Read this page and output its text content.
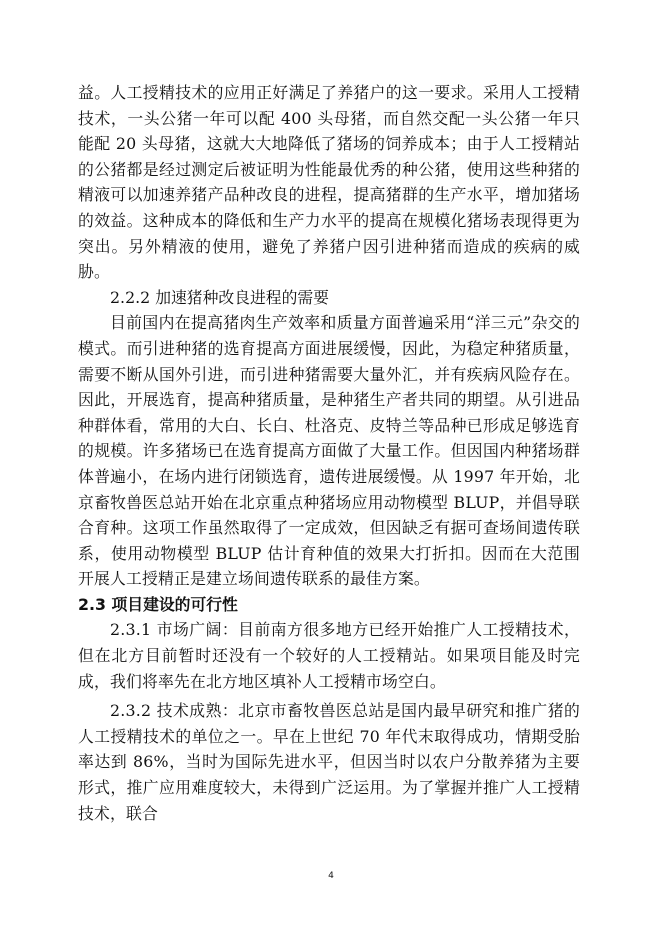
益。人工授精技术的应用正好满足了养猪户的这一要求。采用人工授精技术，一头公猪一年可以配 400 头母猪，而自然交配一头公猪一年只能配 20 头母猪，这就大大地降低了猪场的饲养成本；由于人工授精站的公猪都是经过测定后被证明为性能最优秀的种公猪，使用这些种猪的精液可以加速养猪产品种改良的进程，提高猪群的生产水平，增加猪场的效益。这种成本的降低和生产力水平的提高在规模化猪场表现得更为突出。另外精液的使用，避免了养猪户因引进种猪而造成的疾病的威胁。

2.2.2 加速猪种改良进程的需要

目前国内在提高猪肉生产效率和质量方面普遍采用“洋三元”杂交的模式。而引进种猪的选育提高方面进展缓慢，因此，为稳定种猪质量，需要不断从国外引进，而引进种猪需要大量外汇，并有疾病风险存在。因此，开展选育，提高种猪质量，是种猪生产者共同的期望。从引进品种群体看，常用的大白、长白、杜洛克、皮特兰等品种已形成足够选育的规模。许多猪场已在选育提高方面做了大量工作。但因国内种猪场群体普遍小，在场内进行闭锁选育，遗传进展缓慢。从 1997 年开始，北京畜牧兽医总站开始在北京重点种猪场应用动物模型 BLUP，并倡导联合育种。这项工作虽然取得了一定成效，但因缺乏有据可查场间遗传联系，使用动物模型 BLUP 估计育种值的效果大打折扣。因而在大范围开展人工授精正是建立场间遗传联系的最佳方案。

2.3 项目建设的可行性

2.3.1 市场广阔：目前南方很多地方已经开始推广人工授精技术，但在北方目前暂时还没有一个较好的人工授精站。如果项目能及时完成，我们将率先在北方地区填补人工授精市场空白。

2.3.2 技术成熟：北京市畜牧兽医总站是国内最早研究和推广猪的人工授精技术的单位之一。早在上世纪 70 年代末取得成功，情期受胎率达到 86%，当时为国际先进水平，但因当时以农户分散养猪为主要形式，推广应用难度较大，未得到广泛运用。为了掌握并推广人工授精技术，联合

4
